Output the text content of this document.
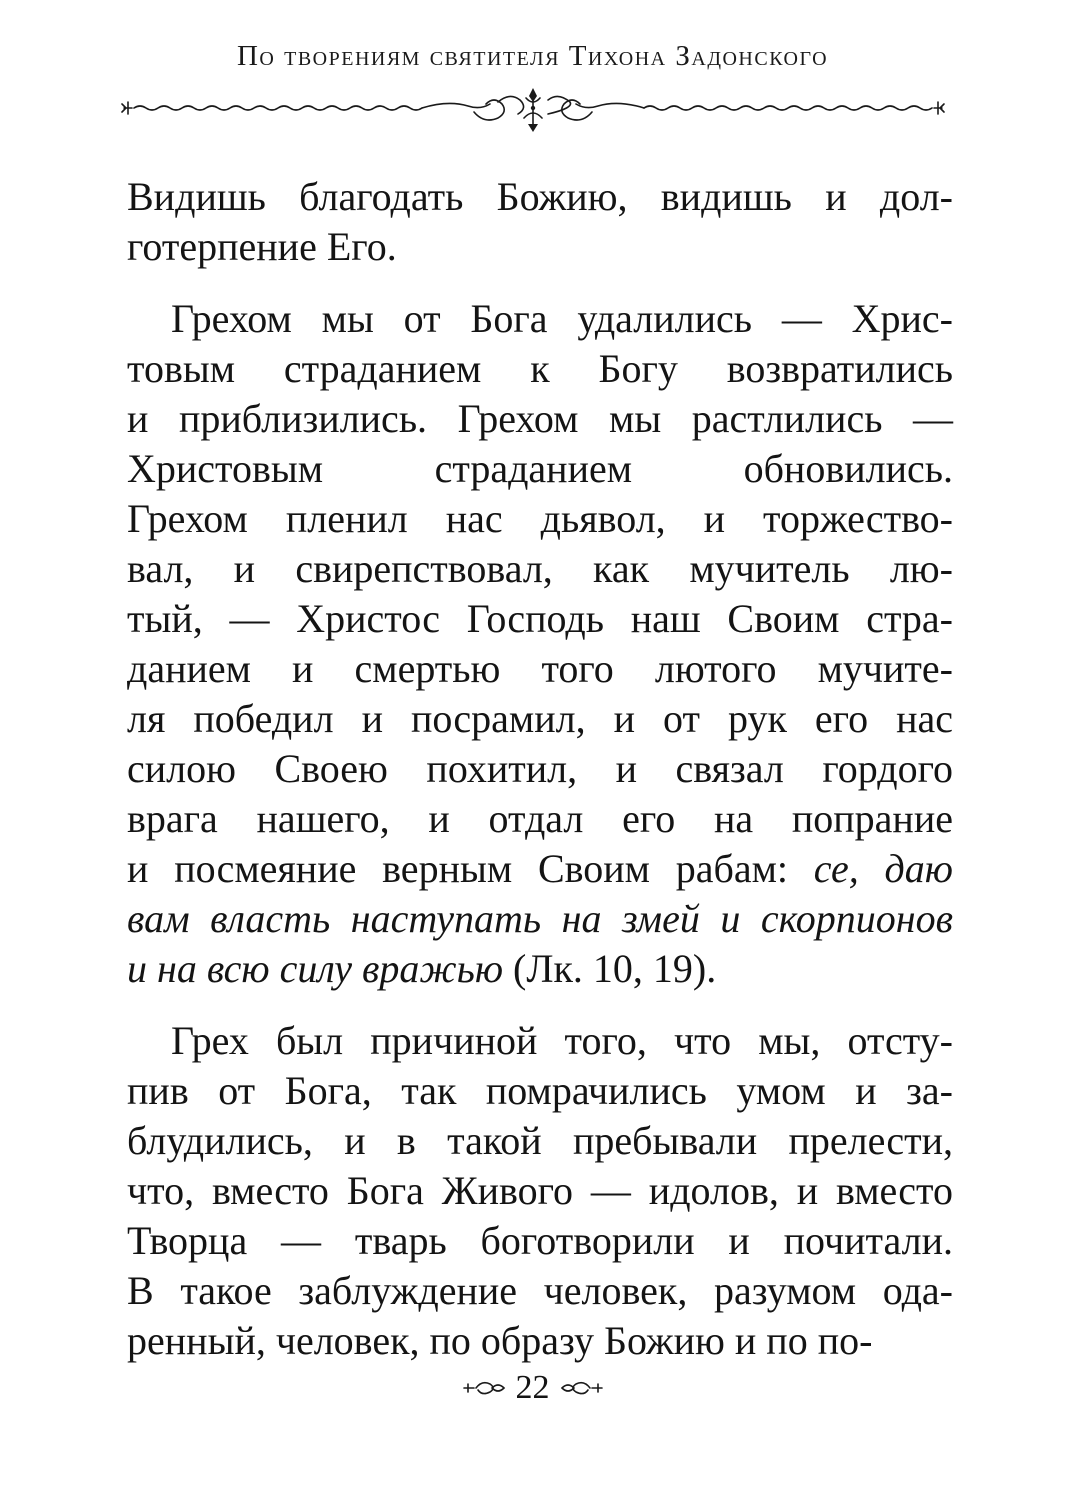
По творениям святителя Тихона Задонского
Видишь благодать Божию, видишь и дол-
готерпение Его.
Грехом мы от Бога удалились — Хрис-
товым страданием к Богу возвратились
и приблизились. Грехом мы растлились —
Христовым страданием обновились.
Грехом пленил нас дьявол, и торжество-
вал, и свирепствовал, как мучитель лю-
тый, — Христос Господь наш Своим стра-
данием и смертью того лютого мучите-
ля победил и посрамил, и от рук его нас
силою Своею похитил, и связал гордого
врага нашего, и отдал его на попрание
и посмеяние верным Своим рабам: се, даю
вам власть наступать на змей и скорпионов
и на всю силу вражью (Лк. 10, 19).
Грех был причиной того, что мы, отсту-
пив от Бога, так помрачились умом и за-
блудились, и в такой пребывали прелести,
что, вместо Бога Живого — идолов, и вместо
Творца — тварь боготворили и почитали.
В такое заблуждение человек, разумом ода-
ренный, человек, по образу Божию и по по-
22
